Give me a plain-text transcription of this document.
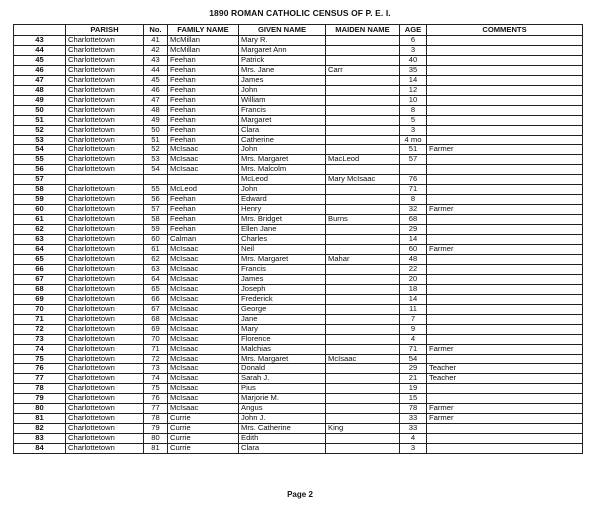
1890 ROMAN CATHOLIC CENSUS OF P. E. I.
	PARISH	No.	FAMILY NAME	GIVEN NAME	MAIDEN NAME	AGE	COMMENTS
43	Charlottetown	41	McMillan	Mary R.		6	
44	Charlottetown	42	McMillan	Margaret Ann		3	
45	Charlottetown	43	Feehan	Patrick		40	
46	Charlottetown	44	Feehan	Mrs. Jane	Carr	35	
47	Charlottetown	45	Feehan	James		14	
48	Charlottetown	46	Feehan	John		12	
49	Charlottetown	47	Feehan	William		10	
50	Charlottetown	48	Feehan	Francis		8	
51	Charlottetown	49	Feehan	Margaret		5	
52	Charlottetown	50	Feehan	Clara		3	
53	Charlottetown	51	Feehan	Catherine		4 mo	
54	Charlottetown	52	McIsaac	John		51	Farmer
55	Charlottetown	53	McIsaac	Mrs. Margaret	MacLeod	57	
56	Charlottetown	54	McIsaac	Mrs. Malcolm			
57				McLeod	Mary McIsaac	76	
58	Charlottetown	55	McLeod	John		71	
59	Charlottetown	56	Feehan	Edward		8	
60	Charlottetown	57	Feehan	Henry		32	Farmer
61	Charlottetown	58	Feehan	Mrs. Bridget	Burns	68	
62	Charlottetown	59	Feehan	Ellen Jane		29	
63	Charlottetown	60	Calman	Charles		14	
64	Charlottetown	61	McIsaac	Neil		60	Farmer
65	Charlottetown	62	McIsaac	Mrs. Margaret	Mahar	48	
66	Charlottetown	63	McIsaac	Francis		22	
67	Charlottetown	64	McIsaac	James		20	
68	Charlottetown	65	McIsaac	Joseph		18	
69	Charlottetown	66	McIsaac	Frederick		14	
70	Charlottetown	67	McIsaac	George		11	
71	Charlottetown	68	McIsaac	Jane		7	
72	Charlottetown	69	McIsaac	Mary		9	
73	Charlottetown	70	McIsaac	Florence		4	
74	Charlottetown	71	McIsaac	Malchias		71	Farmer
75	Charlottetown	72	McIsaac	Mrs. Margaret	McIsaac	54	
76	Charlottetown	73	McIsaac	Donald		29	Teacher
77	Charlottetown	74	McIsaac	Sarah J.		21	Teacher
78	Charlottetown	75	McIsaac	Pius		19	
79	Charlottetown	76	McIsaac	Marjorie M.		15	
80	Charlottetown	77	McIsaac	Angus		78	Farmer
81	Charlottetown	78	Currie	John J.		33	Farmer
82	Charlottetown	79	Currie	Mrs. Catherine	King	33	
83	Charlottetown	80	Currie	Edith		4	
84	Charlottetown	81	Currie	Clara		3	
Page 2
